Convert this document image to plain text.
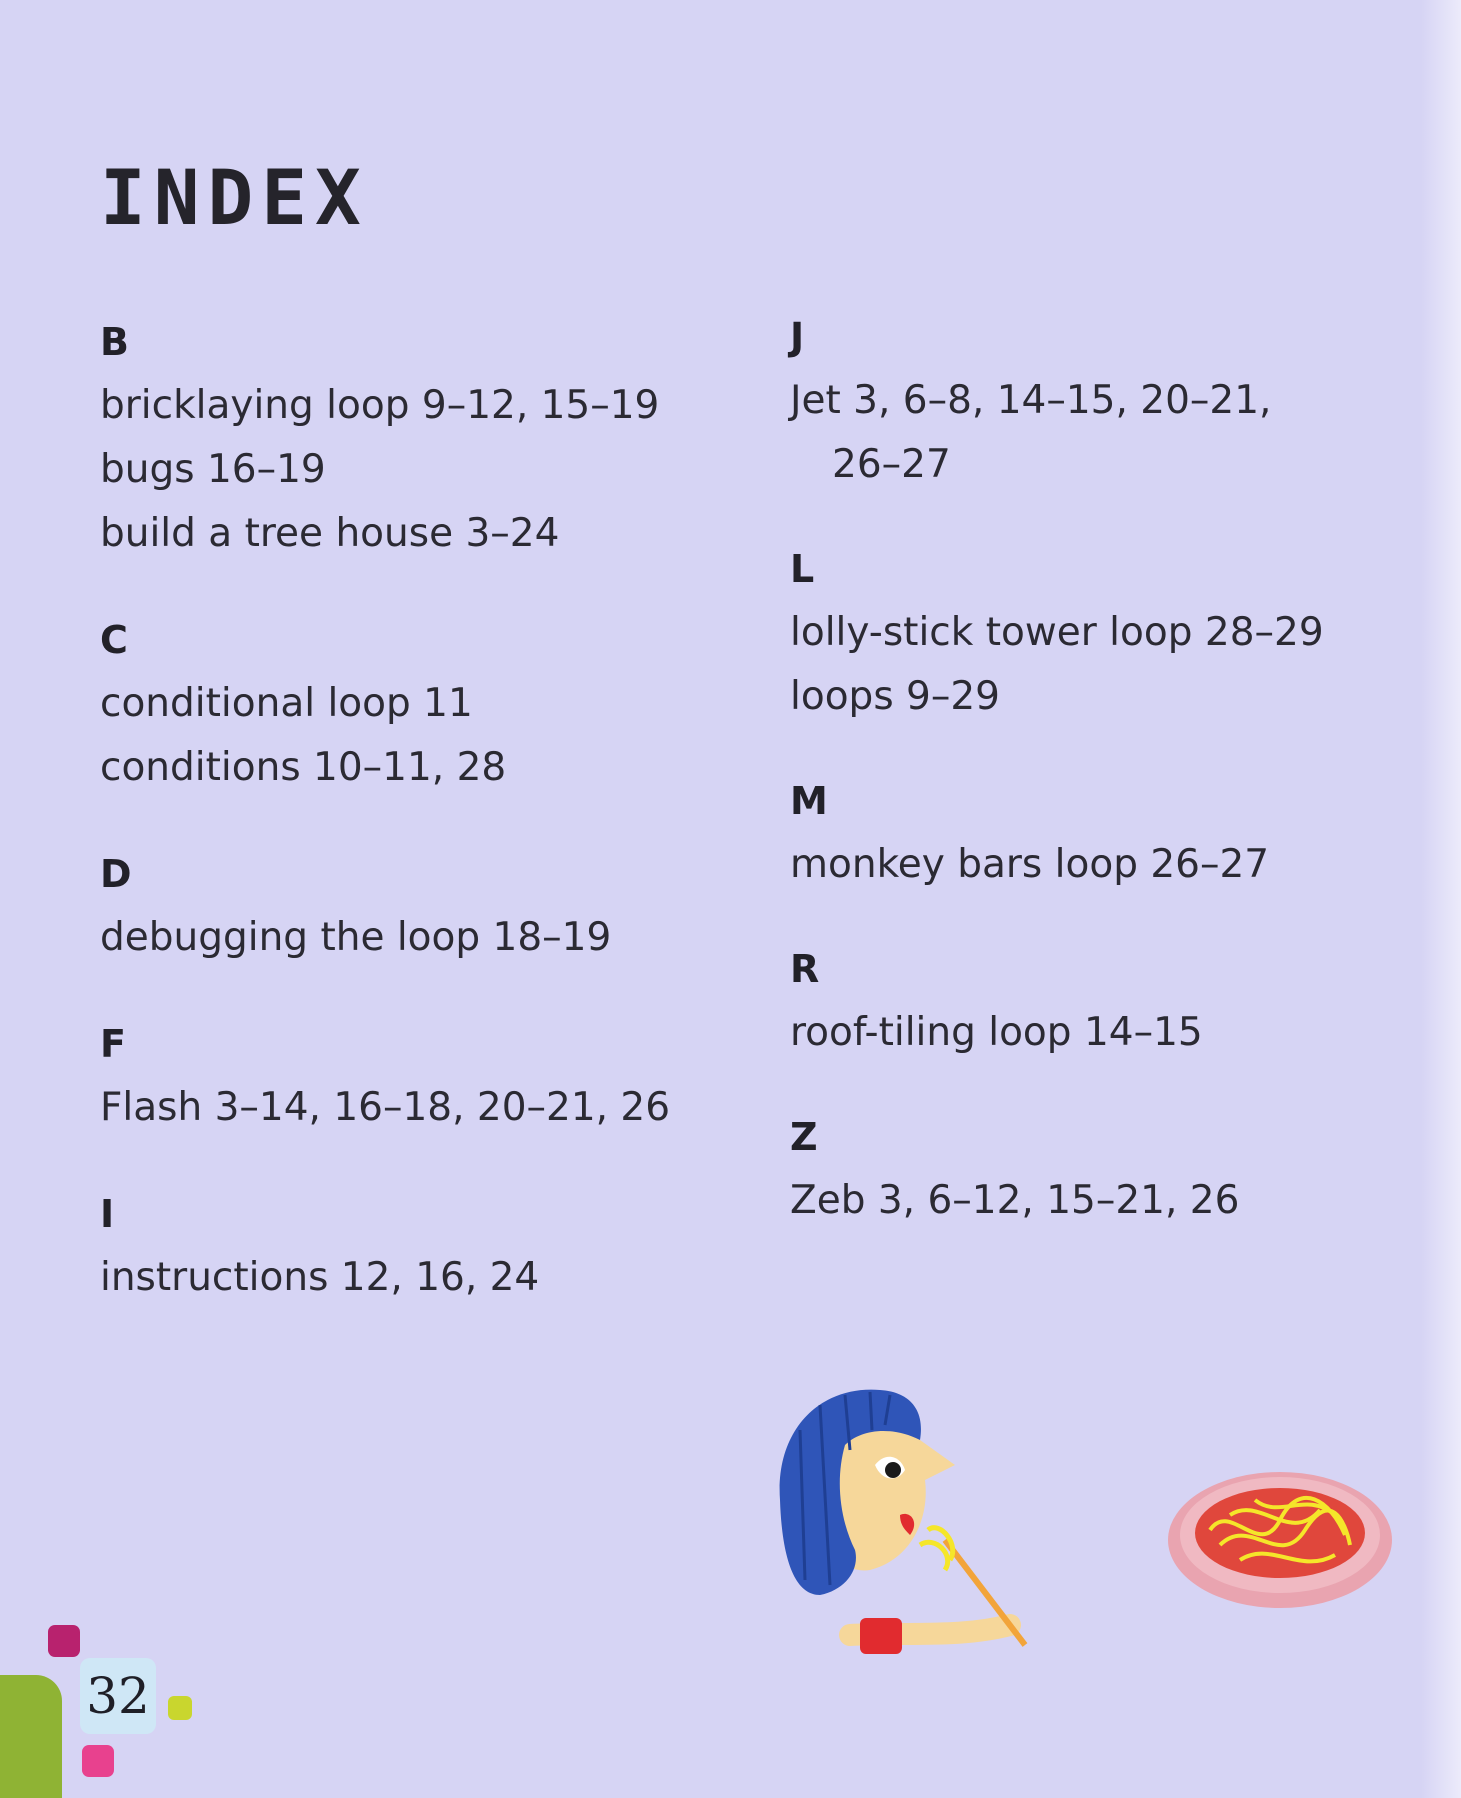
INDEX
B
bricklaying loop 9–12, 15–19
bugs 16–19
build a tree house 3–24
C
conditional loop 11
conditions 10–11, 28
D
debugging the loop 18–19
F
Flash 3–14, 16–18, 20–21, 26
I
instructions 12, 16, 24
J
Jet 3, 6–8, 14–15, 20–21,
26–27
L
lolly-stick tower loop 28–29
loops 9–29
M
monkey bars loop 26–27
R
roof-tiling loop 14–15
Z
Zeb 3, 6–12, 15–21, 26
32
